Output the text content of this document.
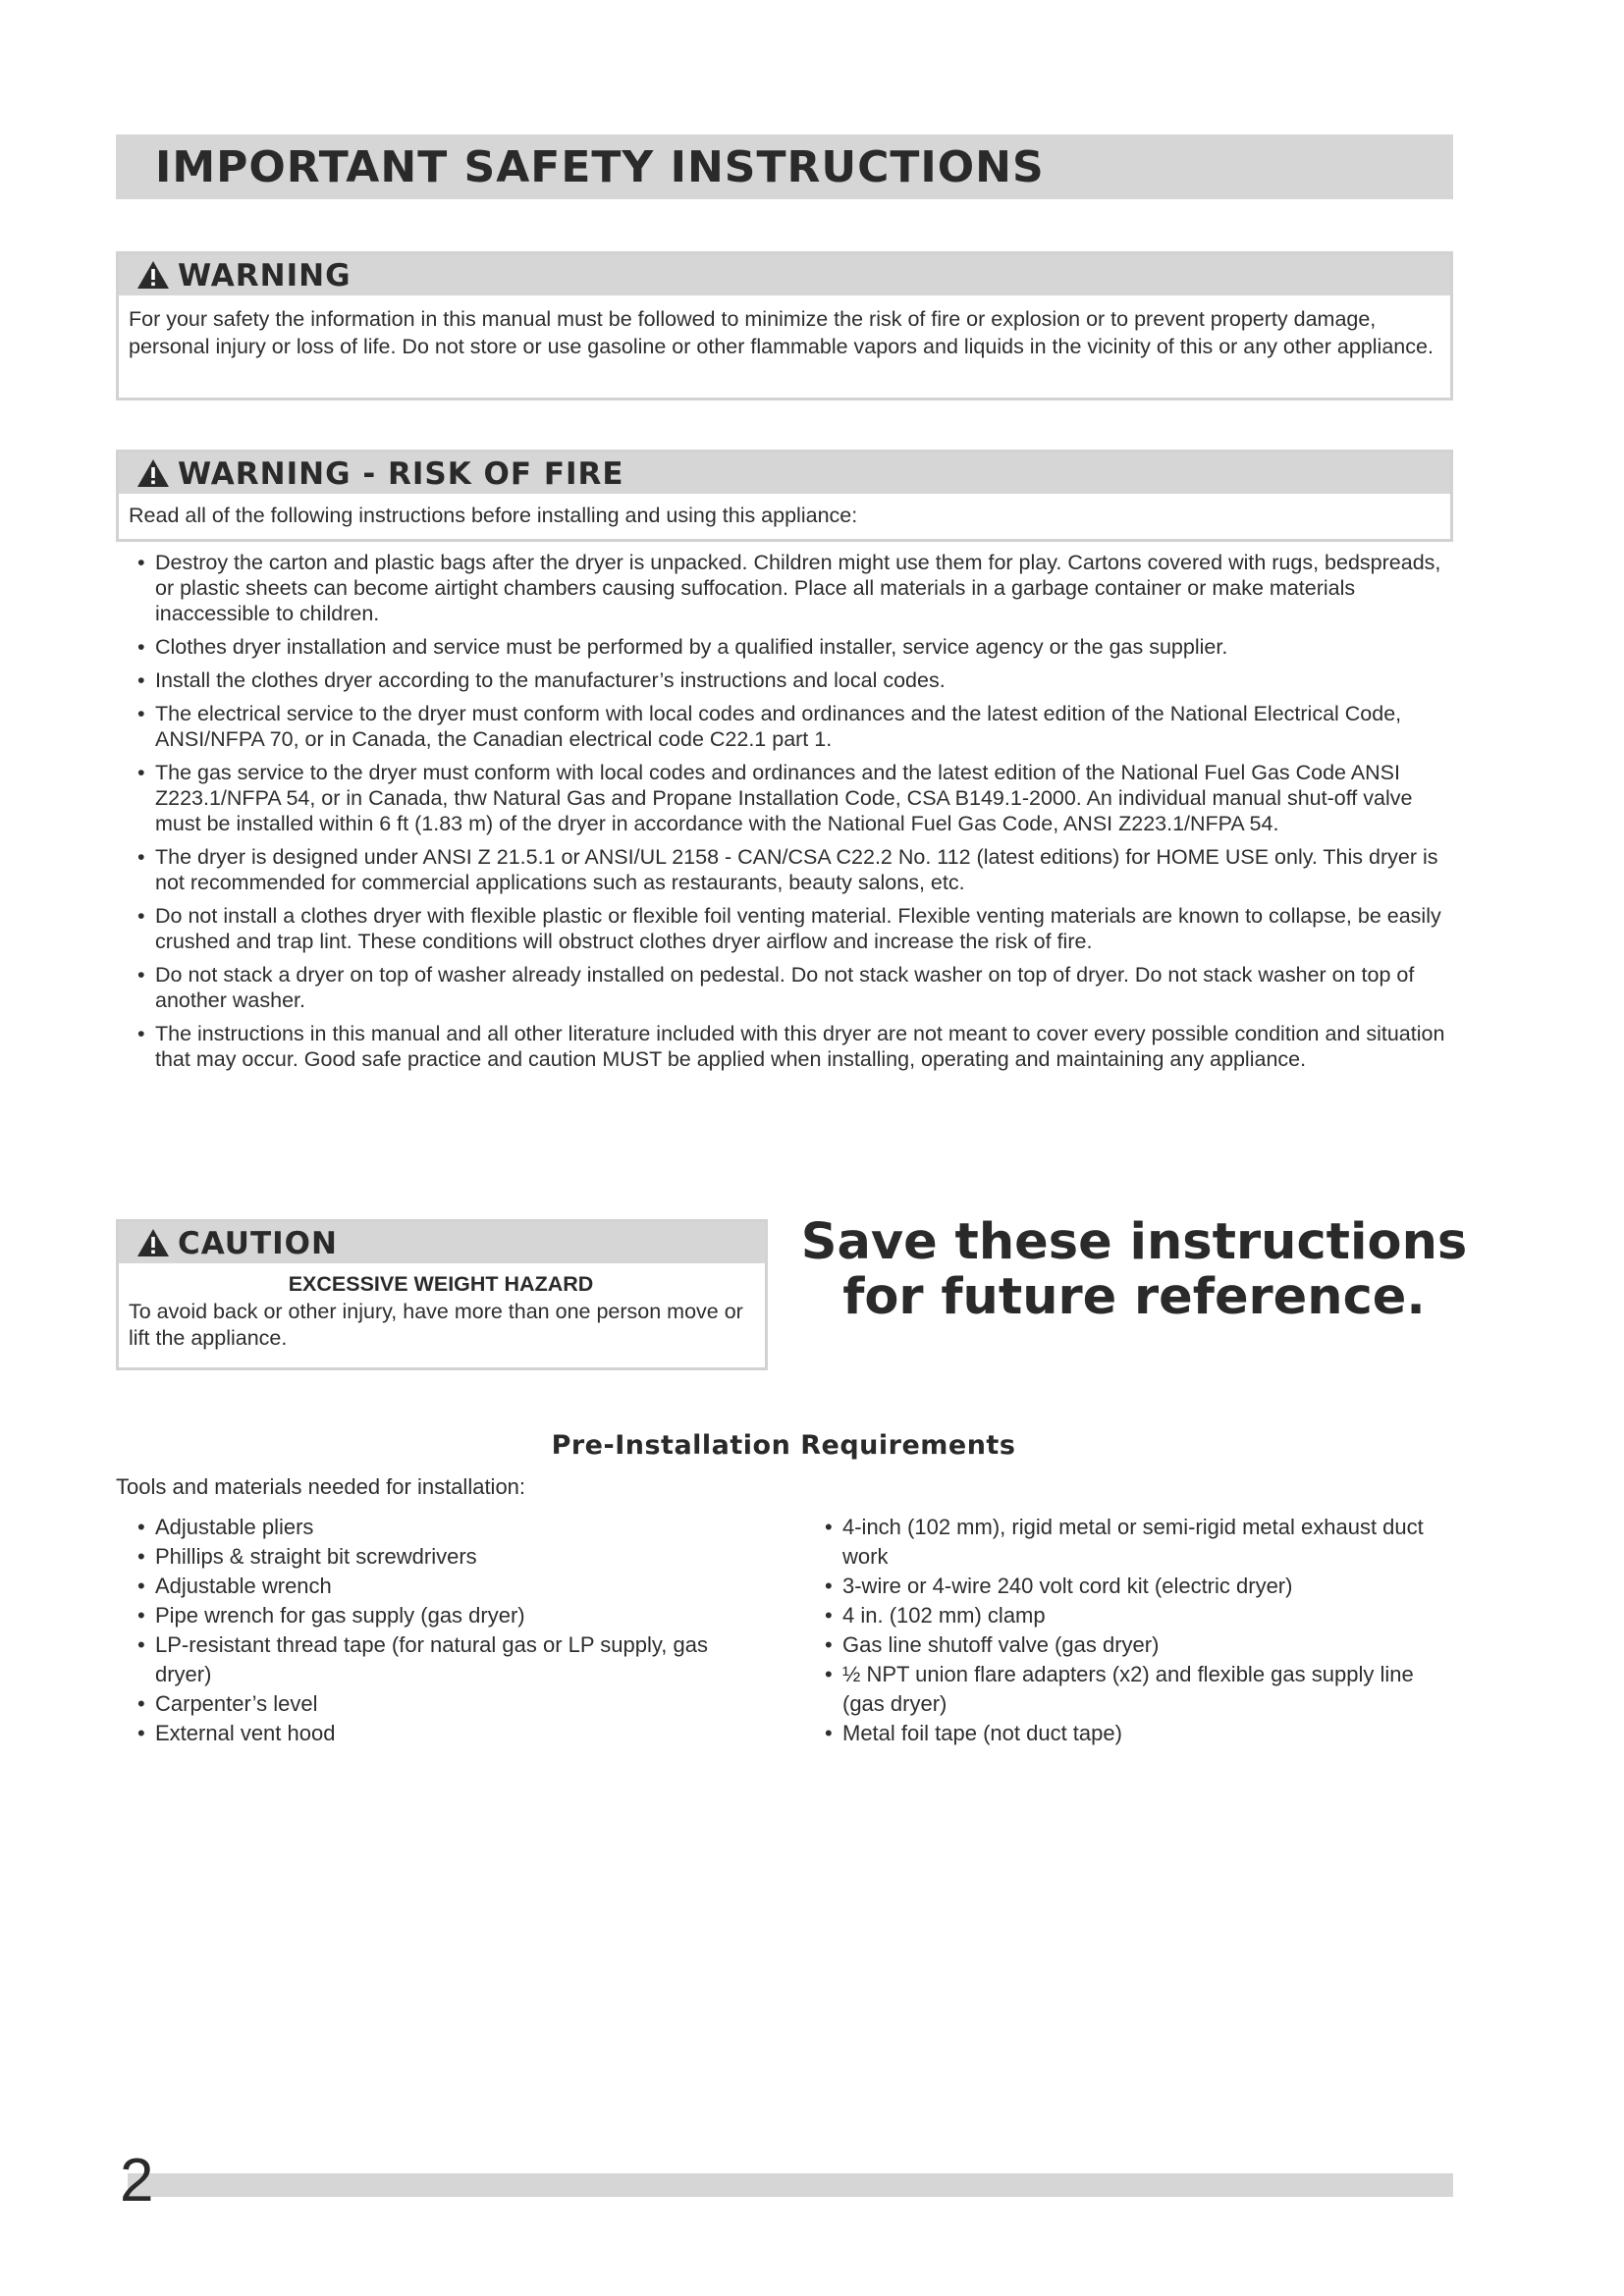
IMPORTANT SAFETY INSTRUCTIONS
WARNING
For your safety the information in this manual must be followed to minimize the risk of fire or explosion or to prevent property damage, personal injury or loss of life. Do not store or use gasoline or other flammable vapors and liquids in the vicinity of this or any other appliance.
WARNING - RISK OF FIRE
Read all of the following instructions before installing and using this appliance:
• Destroy the carton and plastic bags after the dryer is unpacked. Children might use them for play. Cartons covered with rugs, bedspreads, or plastic sheets can become airtight chambers causing suffocation. Place all materials in a garbage container or make materials inaccessible to children.
• Clothes dryer installation and service must be performed by a qualified installer, service agency or the gas supplier.
• Install the clothes dryer according to the manufacturer’s instructions and local codes.
• The electrical service to the dryer must conform with local codes and ordinances and the latest edition of the National Electrical Code, ANSI/NFPA 70, or in Canada, the Canadian electrical code C22.1 part 1.
• The gas service to the dryer must conform with local codes and ordinances and the latest edition of the National Fuel Gas Code ANSI Z223.1/NFPA 54, or in Canada, thw Natural Gas and Propane Installation Code, CSA B149.1-2000. An individual manual shut-off valve must be installed within 6 ft (1.83 m) of the dryer in accordance with the National Fuel Gas Code, ANSI Z223.1/NFPA 54.
• The dryer is designed under ANSI Z 21.5.1 or ANSI/UL 2158 - CAN/CSA C22.2 No. 112 (latest editions) for HOME USE only. This dryer is not recommended for commercial applications such as restaurants, beauty salons, etc.
• Do not install a clothes dryer with flexible plastic or flexible foil venting material. Flexible venting materials are known to collapse, be easily crushed and trap lint. These conditions will obstruct clothes dryer airflow and increase the risk of fire.
• Do not stack a dryer on top of washer already installed on pedestal. Do not stack washer on top of dryer. Do not stack washer on top of another washer.
• The instructions in this manual and all other literature included with this dryer are not meant to cover every possible condition and situation that may occur. Good safe practice and caution MUST be applied when installing, operating and maintaining any appliance.
CAUTION
EXCESSIVE WEIGHT HAZARD
To avoid back or other injury, have more than one person move or lift the appliance.
Save these instructions
for future reference.
Pre-Installation Requirements
Tools and materials needed for installation:
• Adjustable pliers
• Phillips & straight bit screwdrivers
• Adjustable wrench
• Pipe wrench for gas supply (gas dryer)
• LP-resistant thread tape (for natural gas or LP supply, gas dryer)
• Carpenter’s level
• External vent hood
• 4-inch (102 mm), rigid metal or semi-rigid metal exhaust duct work
• 3-wire or 4-wire 240 volt cord kit (electric dryer)
• 4 in. (102 mm) clamp
• Gas line shutoff valve (gas dryer)
• ½ NPT union flare adapters (x2) and flexible gas supply line (gas dryer)
• Metal foil tape (not duct tape)
2
